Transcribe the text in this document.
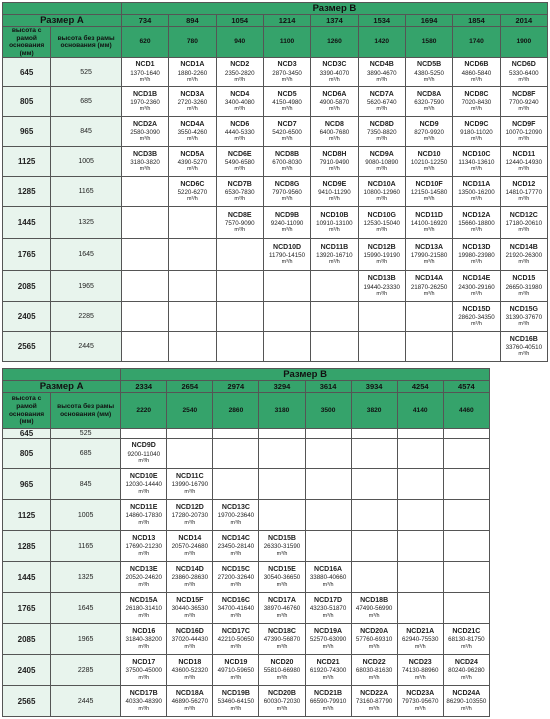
		Размер B								
Размер A		734	894	1054	1214	1374	1534	1694	1854	2014
высота с рамой основания (мм)	высота без рамы основания (мм)	620	780	940	1100	1260	1420	1580	1740	1900
645	525	NCD1
1370-1640
m³/h	NCD1A
1880-2260
m³/h	NCD2
2350-2820
m³/h	NCD3
2870-3450
m³/h	NCD3C
3390-4070
m³/h	NCD4B
3890-4670
m³/h	NCD5B
4380-5250
m³/h	NCD6B
4860-5840
m³/h	NCD6D
5330-6400
m³/h

805	685	NCD1B
1970-2360
m³/h	NCD3A
2720-3260
m³/h	NCD4
3400-4080
m³/h	NCD5
4150-4980
m³/h	NCD6A
4900-5870
m³/h	NCD7A
5620-6740
m³/h	NCD8A
6320-7590
m³/h	NCD8C
7020-8430
m³/h	NCD8F
7700-9240
m³/h

965	845	NCD2A
2580-3090
m³/h	NCD4A
3550-4260
m³/h	NCD6
4440-5330
m³/h	NCD7
5420-6500
m³/h	NCD8
6400-7680
m³/h	NCD8D
7350-8820
m³/h	NCD9
8270-9920
m³/h	NCD9C
9180-11020
m³/h	NCD9F
10070-12090
m³/h

1125	1005	NCD3B
3180-3820
m³/h	NCD5A
4390-5270
m³/h	NCD6E
5490-6580
m³/h	NCD8B
6700-8030
m³/h	NCD8H
7910-9490
m³/h	NCD9A
9080-10890
m³/h	NCD10
10210-12250
m³/h	NCD10C
11340-13610
m³/h	NCD11
12440-14930
m³/h

1285	1165		NCD6C
5220-6270
m³/h	NCD7B
6530-7830
m³/h	NCD8G
7970-9560
m³/h	NCD9E
9410-11290
m³/h	NCD10A
10800-12960
m³/h	NCD10F
12150-14580
m³/h	NCD11A
13500-16200
m³/h	NCD12
14810-17770
m³/h

1445	1325			NCD8E
7570-9090
m³/h	NCD9B
9240-11090
m³/h	NCD10B
10910-13100
m³/h	NCD10G
12530-15040
m³/h	NCD11D
14100-16920
m³/h	NCD12A
15660-18800
m³/h	NCD12C
17180-20610
m³/h

1765	1645				NCD10D
11790-14150
m³/h	NCD11B
13920-16710
m³/h	NCD12B
15990-19190
m³/h	NCD13A
17990-21580
m³/h	NCD13D
19980-23980
m³/h	NCD14B
21920-26300
m³/h

2085	1965						NCD13B
19440-23330
m³/h	NCD14A
21870-26250
m³/h	NCD14E
24300-29160
m³/h	NCD15
26650-31980
m³/h

2405	2285								NCD15D
28620-34350
m³/h	NCD15G
31390-37670
m³/h

2565	2445									NCD16B
33760-40510
m³/h
		Размер B							
Размер A		2334	2654	2974	3294	3614	3934	4254	4574
высота с рамой основания (мм)	высота без рамы основания (мм)	2220	2540	2860	3180	3500	3820	4140	4460
645	525								
805	685	NCD9D
9200-11040
m³/h							

965	845	NCD10E
12030-14440
m³/h	NCD11C
13990-16790
m³/h						

1125	1005	NCD11E
14860-17830
m³/h	NCD12D
17280-20730
m³/h	NCD13C
19700-23640
m³/h					

1285	1165	NCD13
17690-21230
m³/h	NCD14
20570-24680
m³/h	NCD14C
23450-28140
m³/h	NCD15B
26330-31590
m³/h				

1445	1325	NCD13E
20520-24620
m³/h	NCD14D
23860-28630
m³/h	NCD15C
27200-32640
m³/h	NCD15E
30540-36650
m³/h	NCD16A
33880-40660
m³/h			

1765	1645	NCD15A
26180-31410
m³/h	NCD15F
30440-36530
m³/h	NCD16C
34700-41640
m³/h	NCD17A
38970-46760
m³/h	NCD17D
43230-51870
m³/h	NCD18B
47490-56990
m³/h		

2085	1965	NCD16
31840-38200
m³/h	NCD16D
37020-44430
m³/h	NCD17C
42210-50650
m³/h	NCD18C
47390-56870
m³/h	NCD19A
52570-63090
m³/h	NCD20A
57760-69310
m³/h	NCD21A
62940-75530
m³/h	NCD21C
68130-81750
m³/h

2405	2285	NCD17
37500-45000
m³/h	NCD18
43600-52320
m³/h	NCD19
49710-59650
m³/h	NCD20
55810-66980
m³/h	NCD21
61920-74300
m³/h	NCD22
68030-81630
m³/h	NCD23
74130-88960
m³/h	NCD24
80240-96280
m³/h

2565	2445	NCD17B
40330-48390
m³/h	NCD18A
46890-56270
m³/h	NCD19B
53460-64150
m³/h	NCD20B
60030-72030
m³/h	NCD21B
66590-79910
m³/h	NCD22A
73160-87790
m³/h	NCD23A
79730-95670
m³/h	NCD24A
86290-103550
m³/h
